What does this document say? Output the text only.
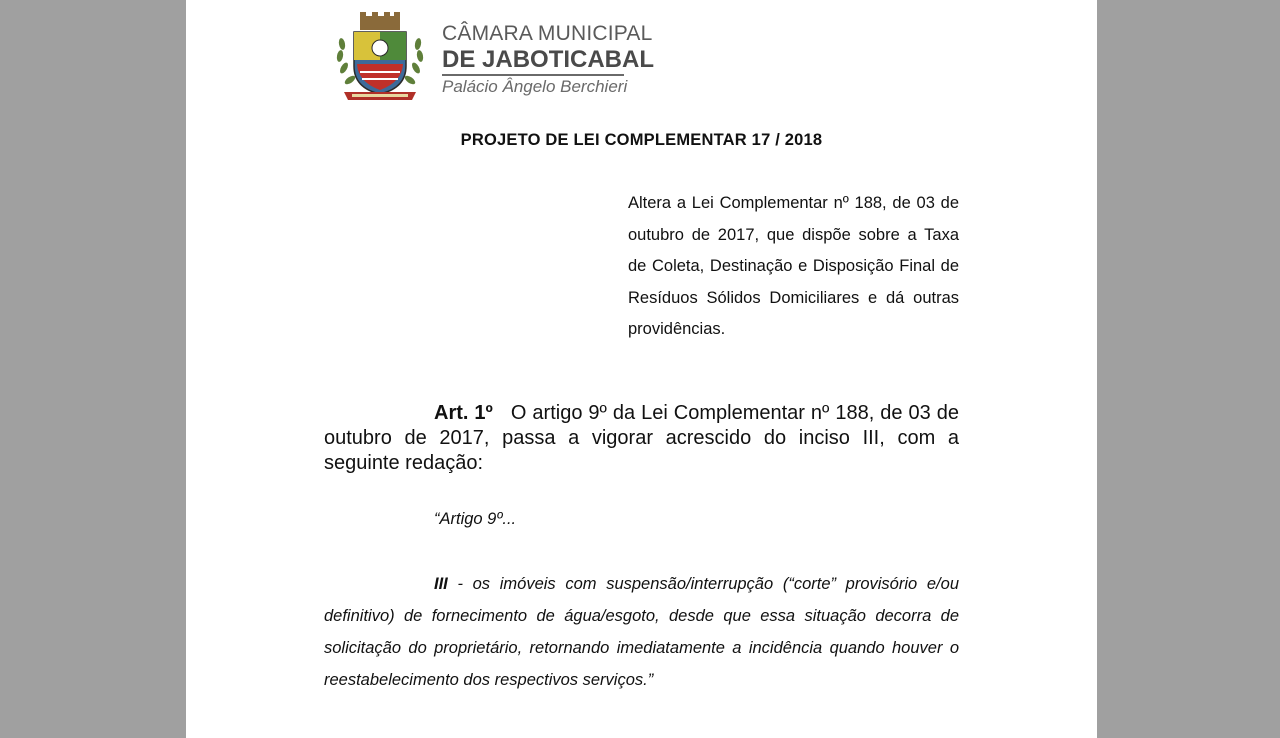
CÂMARA MUNICIPAL
DE JABOTICABAL
Palácio Ângelo Berchieri
PROJETO DE LEI COMPLEMENTAR 17 / 2018
Altera a Lei Complementar nº 188, de 03 de outubro de 2017, que dispõe sobre a Taxa de Coleta, Destinação e Disposição Final de Resíduos Sólidos Domiciliares e dá outras providências.
Art. 1º O artigo 9º da Lei Complementar nº 188, de 03 de outubro de 2017, passa a vigorar acrescido do inciso III, com a seguinte redação:
“Artigo 9º...
III - os imóveis com suspensão/interrupção (“corte” provisório e/ou definitivo) de fornecimento de água/esgoto, desde que essa situação decorra de solicitação do proprietário, retornando imediatamente a incidência quando houver o reestabelecimento dos respectivos serviços.”
